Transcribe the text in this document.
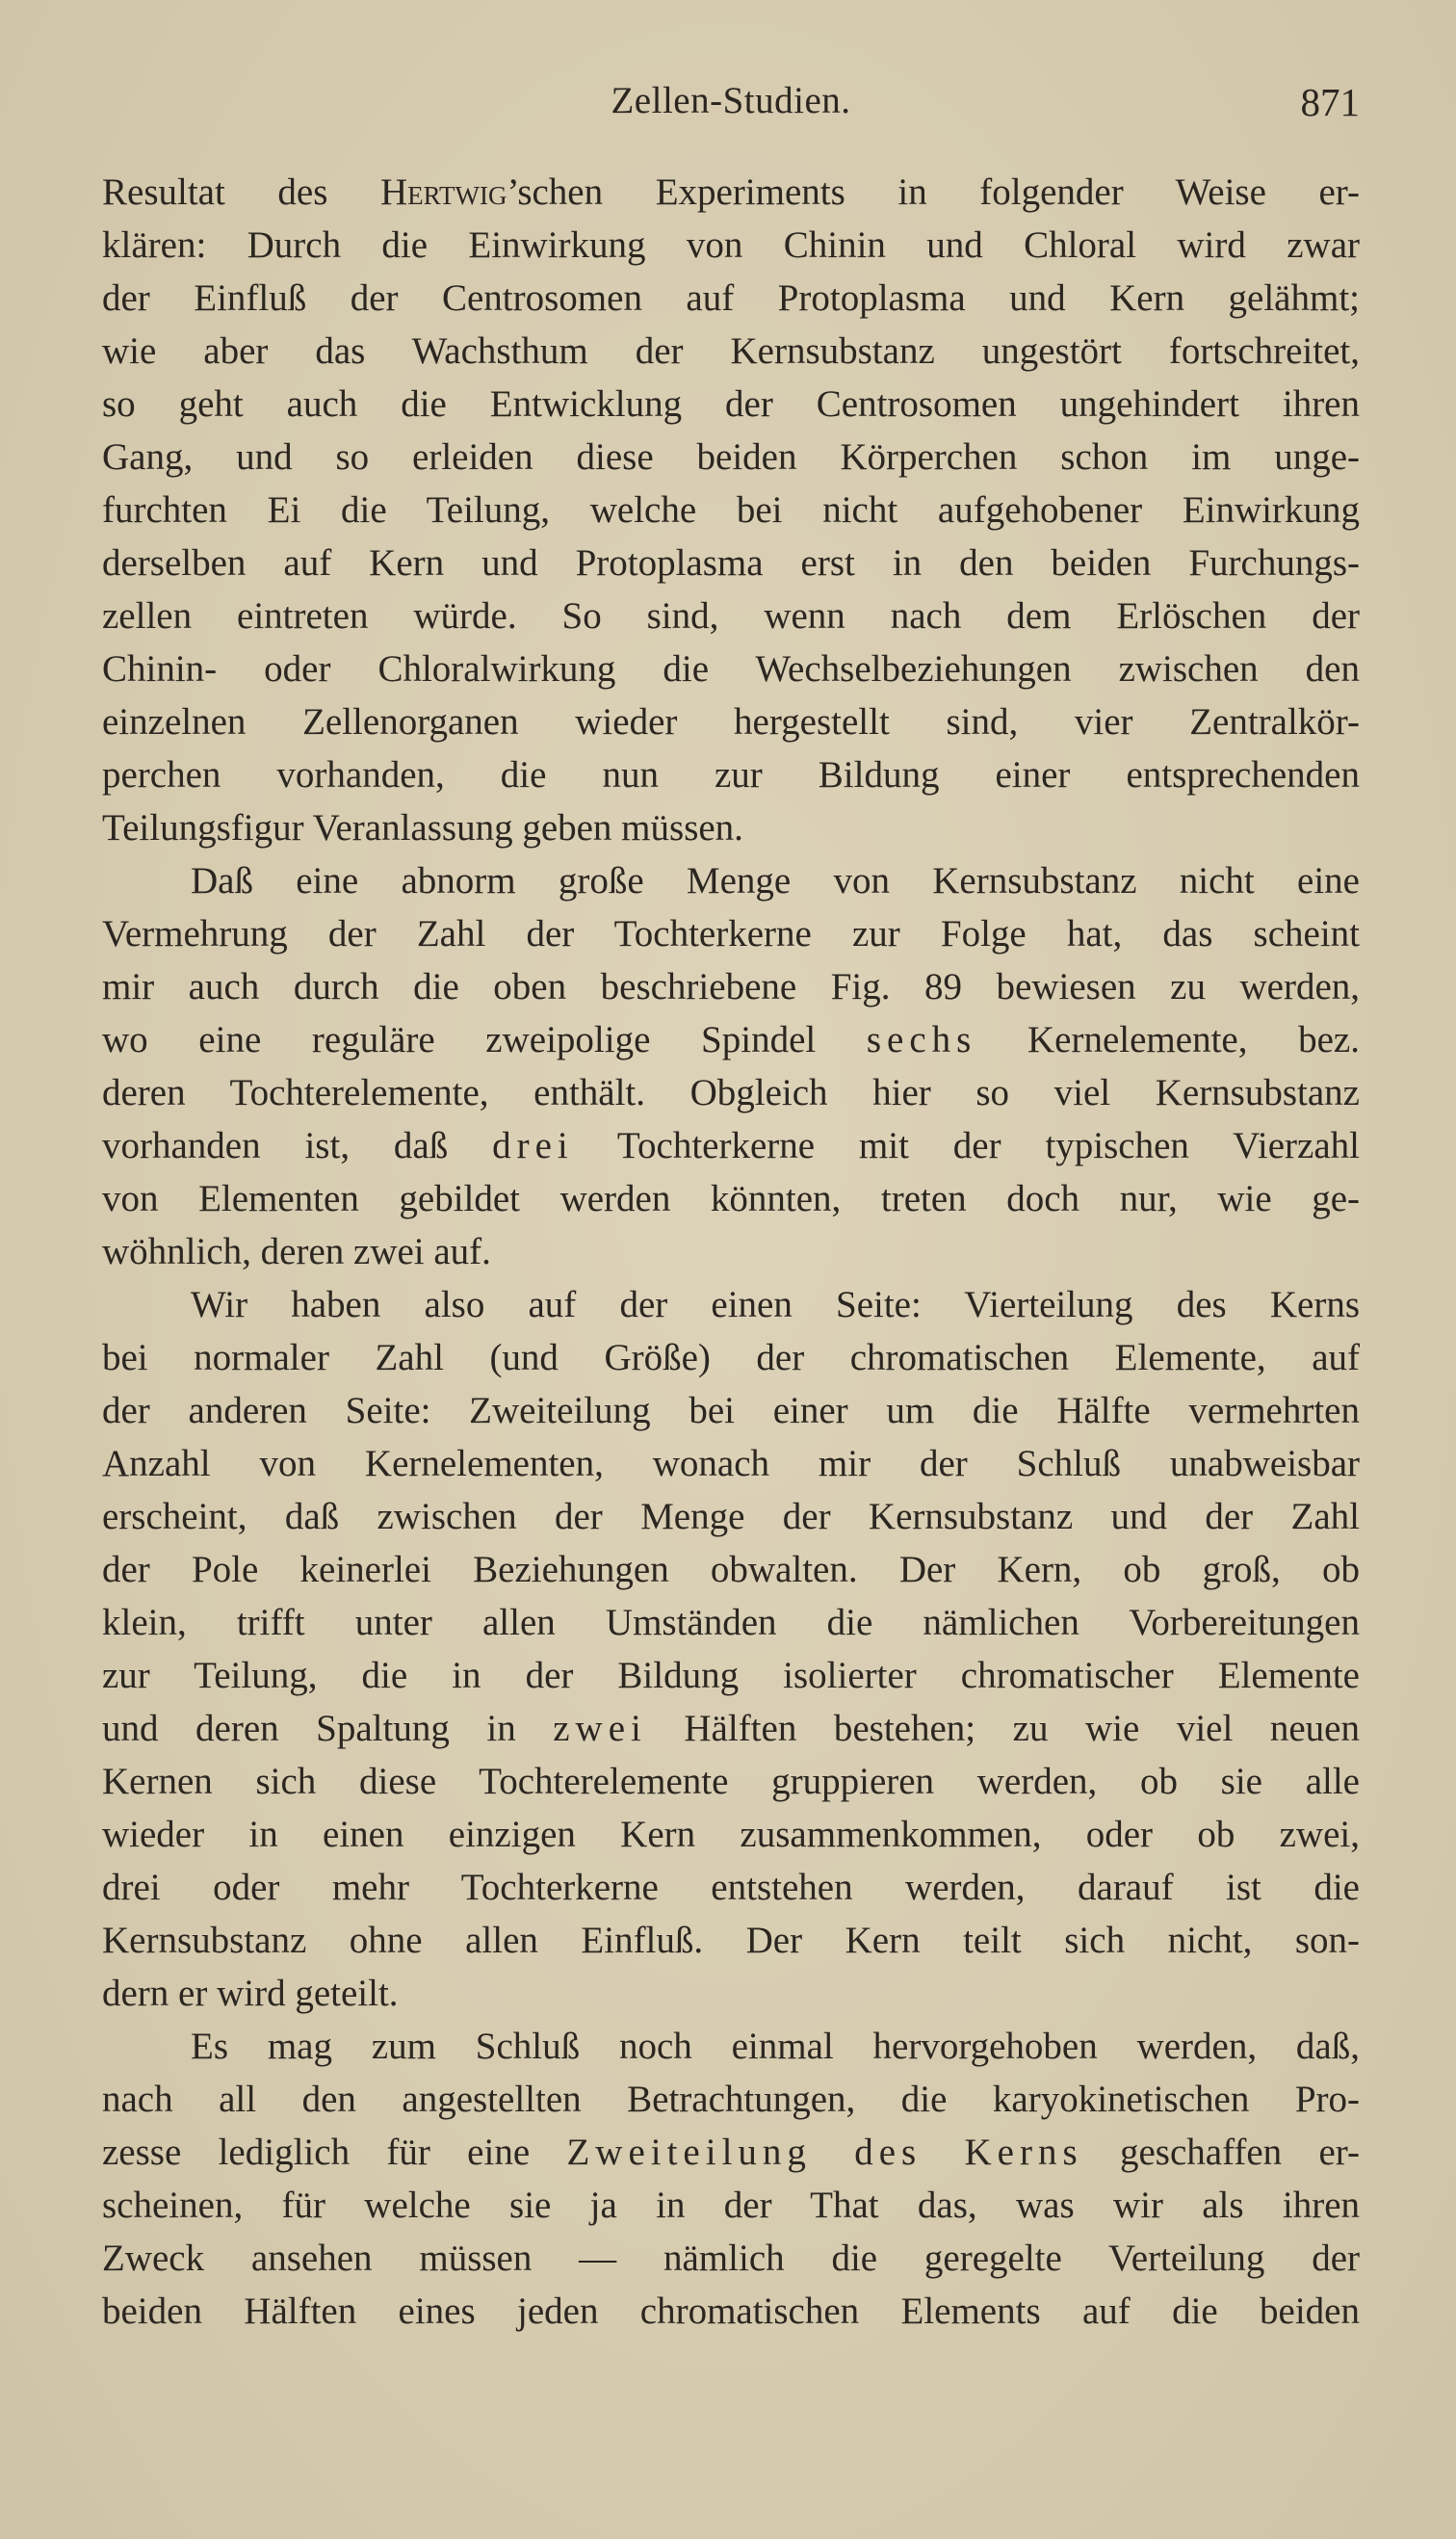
Zellen-Studien.	871
Resultat des Hertwig’schen Experiments in folgender Weise er-
klären: Durch die Einwirkung von Chinin und Chloral wird zwar
der Einfluß der Centrosomen auf Protoplasma und Kern gelähmt;
wie aber das Wachsthum der Kernsubstanz ungestört fortschreitet,
so geht auch die Entwicklung der Centrosomen ungehindert ihren
Gang, und so erleiden diese beiden Körperchen schon im unge-
furchten Ei die Teilung, welche bei nicht aufgehobener Einwirkung
derselben auf Kern und Protoplasma erst in den beiden Furchungs-
zellen eintreten würde. So sind, wenn nach dem Erlöschen der
Chinin- oder Chloralwirkung die Wechselbeziehungen zwischen den
einzelnen Zellenorganen wieder hergestellt sind, vier Zentralkör-
perchen vorhanden, die nun zur Bildung einer entsprechenden
Teilungsfigur Veranlassung geben müssen.
Daß eine abnorm große Menge von Kernsubstanz nicht eine
Vermehrung der Zahl der Tochterkerne zur Folge hat, das scheint
mir auch durch die oben beschriebene Fig. 89 bewiesen zu werden,
wo eine reguläre zweipolige Spindel sechs Kernelemente, bez.
deren Tochterelemente, enthält. Obgleich hier so viel Kernsubstanz
vorhanden ist, daß drei Tochterkerne mit der typischen Vierzahl
von Elementen gebildet werden könnten, treten doch nur, wie ge-
wöhnlich, deren zwei auf.
Wir haben also auf der einen Seite: Vierteilung des Kerns
bei normaler Zahl (und Größe) der chromatischen Elemente, auf
der anderen Seite: Zweiteilung bei einer um die Hälfte vermehrten
Anzahl von Kernelementen, wonach mir der Schluß unabweisbar
erscheint, daß zwischen der Menge der Kernsubstanz und der Zahl
der Pole keinerlei Beziehungen obwalten. Der Kern, ob groß, ob
klein, trifft unter allen Umständen die nämlichen Vorbereitungen
zur Teilung, die in der Bildung isolierter chromatischer Elemente
und deren Spaltung in zwei Hälften bestehen; zu wie viel neuen
Kernen sich diese Tochterelemente gruppieren werden, ob sie alle
wieder in einen einzigen Kern zusammenkommen, oder ob zwei,
drei oder mehr Tochterkerne entstehen werden, darauf ist die
Kernsubstanz ohne allen Einfluß. Der Kern teilt sich nicht, son-
dern er wird geteilt.
Es mag zum Schluß noch einmal hervorgehoben werden, daß,
nach all den angestellten Betrachtungen, die karyokinetischen Pro-
zesse lediglich für eine Zweiteilung des Kerns geschaffen er-
scheinen, für welche sie ja in der That das, was wir als ihren
Zweck ansehen müssen — nämlich die geregelte Verteilung der
beiden Hälften eines jeden chromatischen Elements auf die beiden
